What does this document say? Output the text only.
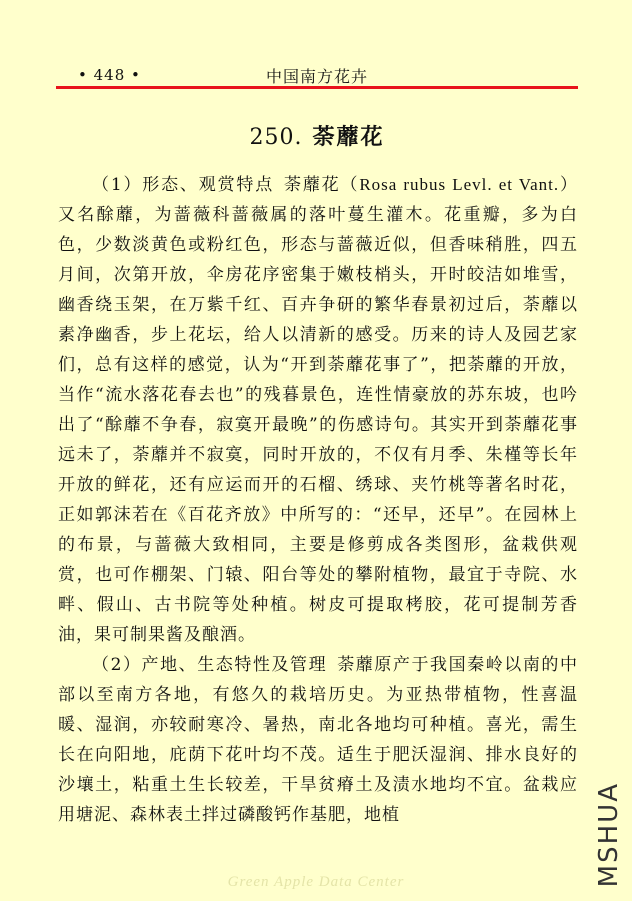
• 448 •	中国南方花卉
250. 荼蘼花

（1）形态、观赏特点 荼蘼花（Rosa rubus Levl. et Vant.）又名酴蘼，为蔷薇科蔷薇属的落叶蔓生灌木。花重瓣，多为白色，少数淡黄色或粉红色，形态与蔷薇近似，但香味稍胜，四五月间，次第开放，伞房花序密集于嫩枝梢头，开时皎洁如堆雪，幽香绕玉架，在万紫千红、百卉争研的繁华春景初过后，荼蘼以素净幽香，步上花坛，给人以清新的感受。历来的诗人及园艺家们，总有这样的感觉，认为“开到荼蘼花事了”，把荼蘼的开放，当作“流水落花春去也”的残暮景色，连性情豪放的苏东坡，也吟出了“酴蘼不争春，寂寞开最晚”的伤感诗句。其实开到荼蘼花事远未了，荼蘼并不寂寞，同时开放的，不仅有月季、朱槿等长年开放的鲜花，还有应运而开的石榴、绣球、夹竹桃等著名时花，正如郭沫若在《百花齐放》中所写的：“还早，还早”。在园林上的布景，与蔷薇大致相同，主要是修剪成各类图形，盆栽供观赏，也可作棚架、门辕、阳台等处的攀附植物，最宜于寺院、水畔、假山、古书院等处种植。树皮可提取栲胶，花可提制芳香油，果可制果酱及酿酒。

（2）产地、生态特性及管理 荼蘼原产于我国秦岭以南的中部以至南方各地，有悠久的栽培历史。为亚热带植物，性喜温暖、湿润，亦较耐寒冷、暑热，南北各地均可种植。喜光，需生长在向阳地，庇荫下花叶均不茂。适生于肥沃湿润、排水良好的沙壤土，粘重土生长较差，干旱贫瘠土及渍水地均不宜。盆栽应用塘泥、森林表土拌过磷酸钙作基肥，地植	MSHUA
Green Apple Data Center
